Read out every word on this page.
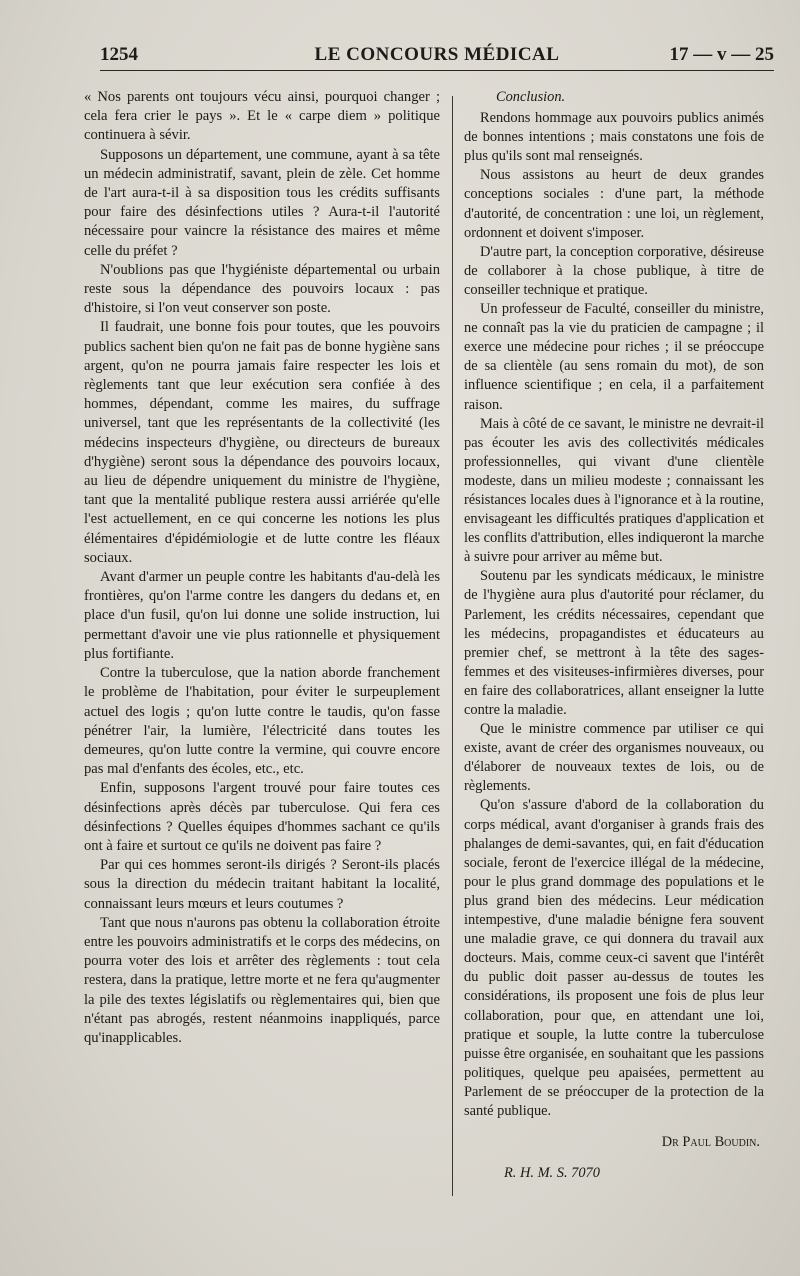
1254	LE CONCOURS MÉDICAL	17 — v — 25

« Nos parents ont toujours vécu ainsi, pourquoi changer ; cela fera crier le pays ». Et le « carpe diem » politique continuera à sévir.

Supposons un département, une commune, ayant à sa tête un médecin administratif, savant, plein de zèle. Cet homme de l'art aura-t-il à sa disposition tous les crédits suffisants pour faire des désinfections utiles ? Aura-t-il l'autorité nécessaire pour vaincre la résistance des maires et même celle du préfet ?

N'oublions pas que l'hygiéniste départemental ou urbain reste sous la dépendance des pouvoirs locaux : pas d'histoire, si l'on veut conserver son poste.

Il faudrait, une bonne fois pour toutes, que les pouvoirs publics sachent bien qu'on ne fait pas de bonne hygiène sans argent, qu'on ne pourra jamais faire respecter les lois et règlements tant que leur exécution sera confiée à des hommes, dépendant, comme les maires, du suffrage universel, tant que les représentants de la collectivité (les médecins inspecteurs d'hygiène, ou directeurs de bureaux d'hygiène) seront sous la dépendance des pouvoirs locaux, au lieu de dépendre uniquement du ministre de l'hygiène, tant que la mentalité publique restera aussi arriérée qu'elle l'est actuellement, en ce qui concerne les notions les plus élémentaires d'épidémiologie et de lutte contre les fléaux sociaux.

Avant d'armer un peuple contre les habitants d'au-delà les frontières, qu'on l'arme contre les dangers du dedans et, en place d'un fusil, qu'on lui donne une solide instruction, lui permettant d'avoir une vie plus rationnelle et physiquement plus fortifiante.

Contre la tuberculose, que la nation aborde franchement le problème de l'habitation, pour éviter le surpeuplement actuel des logis ; qu'on lutte contre le taudis, qu'on fasse pénétrer l'air, la lumière, l'électricité dans toutes les demeures, qu'on lutte contre la vermine, qui couvre encore pas mal d'enfants des écoles, etc., etc.

Enfin, supposons l'argent trouvé pour faire toutes ces désinfections après décès par tuberculose. Qui fera ces désinfections ? Quelles équipes d'hommes sachant ce qu'ils ont à faire et surtout ce qu'ils ne doivent pas faire ?

Par qui ces hommes seront-ils dirigés ? Seront-ils placés sous la direction du médecin traitant habitant la localité, connaissant leurs mœurs et leurs coutumes ?

Tant que nous n'aurons pas obtenu la collaboration étroite entre les pouvoirs administratifs et le corps des médecins, on pourra voter des lois et arrêter des règlements : tout cela restera, dans la pratique, lettre morte et ne fera qu'augmenter la pile des textes législatifs ou règlementaires qui, bien que n'étant pas abrogés, restent néanmoins inappliqués, parce qu'inapplicables.

Conclusion.

Rendons hommage aux pouvoirs publics animés de bonnes intentions ; mais constatons une fois de plus qu'ils sont mal renseignés.

Nous assistons au heurt de deux grandes conceptions sociales : d'une part, la méthode d'autorité, de concentration : une loi, un règlement, ordonnent et doivent s'imposer.

D'autre part, la conception corporative, désireuse de collaborer à la chose publique, à titre de conseiller technique et pratique.

Un professeur de Faculté, conseiller du ministre, ne connaît pas la vie du praticien de campagne ; il exerce une médecine pour riches ; il se préoccupe de sa clientèle (au sens romain du mot), de son influence scientifique ; en cela, il a parfaitement raison.

Mais à côté de ce savant, le ministre ne devrait-il pas écouter les avis des collectivités médicales professionnelles, qui vivant d'une clientèle modeste, dans un milieu modeste ; connaissant les résistances locales dues à l'ignorance et à la routine, envisageant les difficultés pratiques d'application et les conflits d'attribution, elles indiqueront la marche à suivre pour arriver au même but.

Soutenu par les syndicats médicaux, le ministre de l'hygiène aura plus d'autorité pour réclamer, du Parlement, les crédits nécessaires, cependant que les médecins, propagandistes et éducateurs au premier chef, se mettront à la tête des sages-femmes et des visiteuses-infirmières diverses, pour en faire des collaboratrices, allant enseigner la lutte contre la maladie.

Que le ministre commence par utiliser ce qui existe, avant de créer des organismes nouveaux, ou d'élaborer de nouveaux textes de lois, ou de règlements.

Qu'on s'assure d'abord de la collaboration du corps médical, avant d'organiser à grands frais des phalanges de demi-savantes, qui, en fait d'éducation sociale, feront de l'exercice illégal de la médecine, pour le plus grand dommage des populations et le plus grand bien des médecins. Leur médication intempestive, d'une maladie bénigne fera souvent une maladie grave, ce qui donnera du travail aux docteurs. Mais, comme ceux-ci savent que l'intérêt du public doit passer au-dessus de toutes les considérations, ils proposent une fois de plus leur collaboration, pour que, en attendant une loi, pratique et souple, la lutte contre la tuberculose puisse être organisée, en souhaitant que les passions politiques, quelque peu apaisées, permettent au Parlement de se préoccuper de la protection de la santé publique.

Dr Paul Boudin.
R. H. M. S. 7070
